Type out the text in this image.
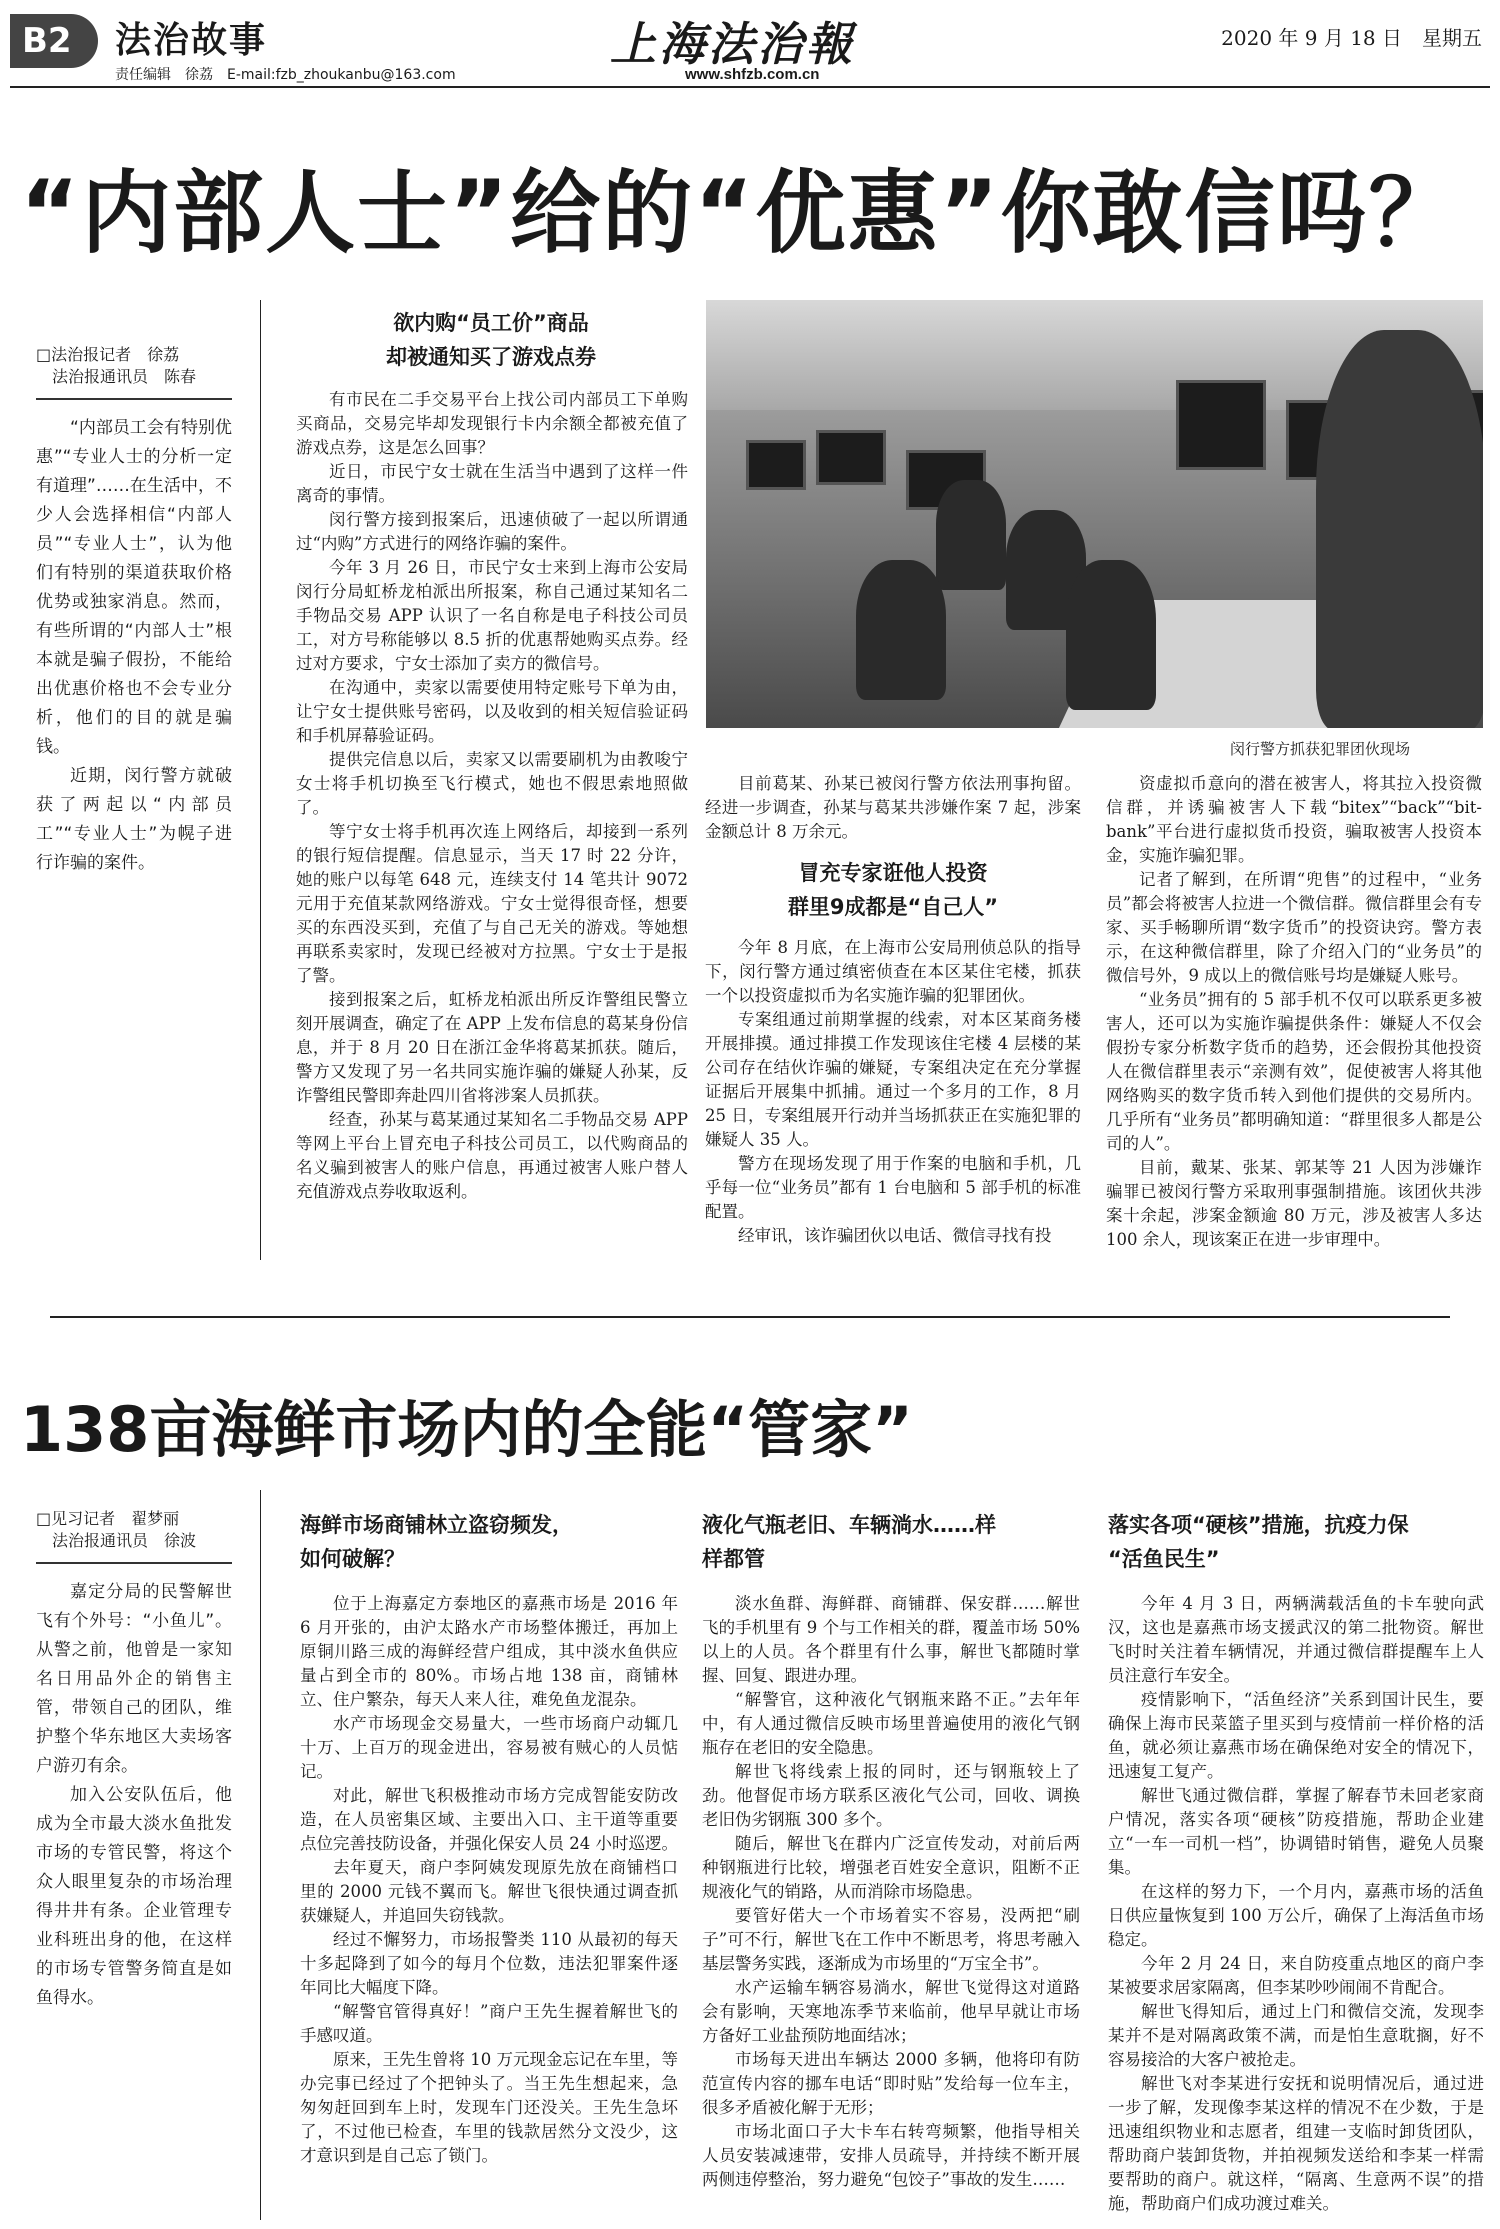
B2	法治故事
责任编辑　徐荔　E-mail:fzb_zhoukanbu@163.com
上海法治報
www.shfzb.com.cn
2020 年 9 月 18 日　星期五
“内部人士”给的“优惠”你敢信吗？
□法治报记者　徐荔
　法治报通讯员　陈春

“内部员工会有特别优惠”“专业人士的分析一定有道理”……在生活中，不少人会选择相信“内部人员”“专业人士”，认为他们有特别的渠道获取价格优势或独家消息。然而，有些所谓的“内部人士”根本就是骗子假扮，不能给出优惠价格也不会专业分析，他们的目的就是骗钱。

近期，闵行警方就破获了两起以“内部员工”“专业人士”为幌子进行诈骗的案件。

欲内购“员工价”商品
却被通知买了游戏点券

有市民在二手交易平台上找公司内部员工下单购买商品，交易完毕却发现银行卡内余额全都被充值了游戏点券，这是怎么回事？

近日，市民宁女士就在生活当中遇到了这样一件离奇的事情。

闵行警方接到报案后，迅速侦破了一起以所谓通过“内购”方式进行的网络诈骗的案件。

今年 3 月 26 日，市民宁女士来到上海市公安局闵行分局虹桥龙柏派出所报案，称自己通过某知名二手物品交易 APP 认识了一名自称是电子科技公司员工，对方号称能够以 8.5 折的优惠帮她购买点券。经过对方要求，宁女士添加了卖方的微信号。

在沟通中，卖家以需要使用特定账号下单为由，让宁女士提供账号密码，以及收到的相关短信验证码和手机屏幕验证码。

提供完信息以后，卖家又以需要刷机为由教唆宁女士将手机切换至飞行模式，她也不假思索地照做了。

等宁女士将手机再次连上网络后，却接到一系列的银行短信提醒。信息显示，当天 17 时 22 分许，她的账户以每笔 648 元，连续支付 14 笔共计 9072 元用于充值某款网络游戏。宁女士觉得很奇怪，想要买的东西没买到，充值了与自己无关的游戏。等她想再联系卖家时，发现已经被对方拉黑。宁女士于是报了警。

接到报案之后，虹桥龙柏派出所反诈警组民警立刻开展调查，确定了在 APP 上发布信息的葛某身份信息，并于 8 月 20 日在浙江金华将葛某抓获。随后，警方又发现了另一名共同实施诈骗的嫌疑人孙某，反诈警组民警即奔赴四川省将涉案人员抓获。

经查，孙某与葛某通过某知名二手物品交易 APP 等网上平台上冒充电子科技公司员工，以代购商品的名义骗到被害人的账户信息，再通过被害人账户替人充值游戏点券收取返利。

闵行警方抓获犯罪团伙现场

目前葛某、孙某已被闵行警方依法刑事拘留。经进一步调查，孙某与葛某共涉嫌作案 7 起，涉案金额总计 8 万余元。

冒充专家诳他人投资
群里9成都是“自己人”

今年 8 月底，在上海市公安局刑侦总队的指导下，闵行警方通过缜密侦查在本区某住宅楼，抓获一个以投资虚拟币为名实施诈骗的犯罪团伙。

专案组通过前期掌握的线索，对本区某商务楼开展排摸。通过排摸工作发现该住宅楼 4 层楼的某公司存在结伙诈骗的嫌疑，专案组决定在充分掌握证据后开展集中抓捕。通过一个多月的工作，8 月 25 日，专案组展开行动并当场抓获正在实施犯罪的嫌疑人 35 人。

警方在现场发现了用于作案的电脑和手机，几乎每一位“业务员”都有 1 台电脑和 5 部手机的标准配置。

经审讯，该诈骗团伙以电话、微信寻找有投

资虚拟币意向的潜在被害人，将其拉入投资微信群，并诱骗被害人下载“bitex”“back”“bit-bank”平台进行虚拟货币投资，骗取被害人投资本金，实施诈骗犯罪。

记者了解到，在所谓“兜售”的过程中，“业务员”都会将被害人拉进一个微信群。微信群里会有专家、买手畅聊所谓“数字货币”的投资诀窍。警方表示，在这种微信群里，除了介绍入门的“业务员”的微信号外，9 成以上的微信账号均是嫌疑人账号。

“业务员”拥有的 5 部手机不仅可以联系更多被害人，还可以为实施诈骗提供条件：嫌疑人不仅会假扮专家分析数字货币的趋势，还会假扮其他投资人在微信群里表示“亲测有效”，促使被害人将其他网络购买的数字货币转入到他们提供的交易所内。几乎所有“业务员”都明确知道：“群里很多人都是公司的人”。

目前，戴某、张某、郭某等 21 人因为涉嫌诈骗罪已被闵行警方采取刑事强制措施。该团伙共涉案十余起，涉案金额逾 80 万元，涉及被害人多达 100 余人，现该案正在进一步审理中。

138亩海鲜市场内的全能“管家”
□见习记者　翟梦丽
　法治报通讯员　徐波

嘉定分局的民警解世飞有个外号：“小鱼儿”。从警之前，他曾是一家知名日用品外企的销售主管，带领自己的团队，维护整个华东地区大卖场客户游刃有余。

加入公安队伍后，他成为全市最大淡水鱼批发市场的专管民警，将这个众人眼里复杂的市场治理得井井有条。企业管理专业科班出身的他，在这样的市场专管警务简直是如鱼得水。

海鲜市场商铺林立盗窃频发，
如何破解？

位于上海嘉定方泰地区的嘉燕市场是 2016 年 6 月开张的，由沪太路水产市场整体搬迁，再加上原铜川路三成的海鲜经营户组成，其中淡水鱼供应量占到全市的 80%。市场占地 138 亩，商铺林立、住户繁杂，每天人来人往，难免鱼龙混杂。

水产市场现金交易量大，一些市场商户动辄几十万、上百万的现金进出，容易被有贼心的人员惦记。

对此，解世飞积极推动市场方完成智能安防改造，在人员密集区域、主要出入口、主干道等重要点位完善技防设备，并强化保安人员 24 小时巡逻。

去年夏天，商户李阿姨发现原先放在商铺档口里的 2000 元钱不翼而飞。解世飞很快通过调查抓获嫌疑人，并追回失窃钱款。

经过不懈努力，市场报警类 110 从最初的每天十多起降到了如今的每月个位数，违法犯罪案件逐年同比大幅度下降。

“解警官管得真好！”商户王先生握着解世飞的手感叹道。

原来，王先生曾将 10 万元现金忘记在车里，等办完事已经过了个把钟头了。当王先生想起来，急匆匆赶回到车上时，发现车门还没关。王先生急坏了，不过他已检查，车里的钱款居然分文没少，这才意识到是自己忘了锁门。

液化气瓶老旧、车辆淌水……样
样都管

淡水鱼群、海鲜群、商铺群、保安群……解世飞的手机里有 9 个与工作相关的群，覆盖市场 50%以上的人员。各个群里有什么事，解世飞都随时掌握、回复、跟进办理。

“解警官，这种液化气钢瓶来路不正。”去年年中，有人通过微信反映市场里普遍使用的液化气钢瓶存在老旧的安全隐患。

解世飞将线索上报的同时，还与钢瓶较上了劲。他督促市场方联系区液化气公司，回收、调换老旧伪劣钢瓶 300 多个。

随后，解世飞在群内广泛宣传发动，对前后两种钢瓶进行比较，增强老百姓安全意识，阻断不正规液化气的销路，从而消除市场隐患。

要管好偌大一个市场着实不容易，没两把“刷子”可不行，解世飞在工作中不断思考，将思考融入基层警务实践，逐渐成为市场里的“万宝全书”。

水产运输车辆容易淌水，解世飞觉得这对道路会有影响，天寒地冻季节来临前，他早早就让市场方备好工业盐预防地面结冰；

市场每天进出车辆达 2000 多辆，他将印有防范宣传内容的挪车电话“即时贴”发给每一位车主，很多矛盾被化解于无形；

市场北面口子大卡车右转弯频繁，他指导相关人员安装减速带，安排人员疏导，并持续不断开展两侧违停整治，努力避免“包饺子”事故的发生……

落实各项“硬核”措施，抗疫力保
“活鱼民生”

今年 4 月 3 日，两辆满载活鱼的卡车驶向武汉，这也是嘉燕市场支援武汉的第二批物资。解世飞时时关注着车辆情况，并通过微信群提醒车上人员注意行车安全。

疫情影响下，“活鱼经济”关系到国计民生，要确保上海市民菜篮子里买到与疫情前一样价格的活鱼，就必须让嘉燕市场在确保绝对安全的情况下，迅速复工复产。

解世飞通过微信群，掌握了解春节未回老家商户情况，落实各项“硬核”防疫措施，帮助企业建立“一车一司机一档”，协调错时销售，避免人员聚集。

在这样的努力下，一个月内，嘉燕市场的活鱼日供应量恢复到 100 万公斤，确保了上海活鱼市场稳定。

今年 2 月 24 日，来自防疫重点地区的商户李某被要求居家隔离，但李某吵吵闹闹不肯配合。

解世飞得知后，通过上门和微信交流，发现李某并不是对隔离政策不满，而是怕生意耽搁，好不容易接洽的大客户被抢走。

解世飞对李某进行安抚和说明情况后，通过进一步了解，发现像李某这样的情况不在少数，于是迅速组织物业和志愿者，组建一支临时卸货团队，帮助商户装卸货物，并拍视频发送给和李某一样需要帮助的商户。就这样，“隔离、生意两不误”的措施，帮助商户们成功渡过难关。
